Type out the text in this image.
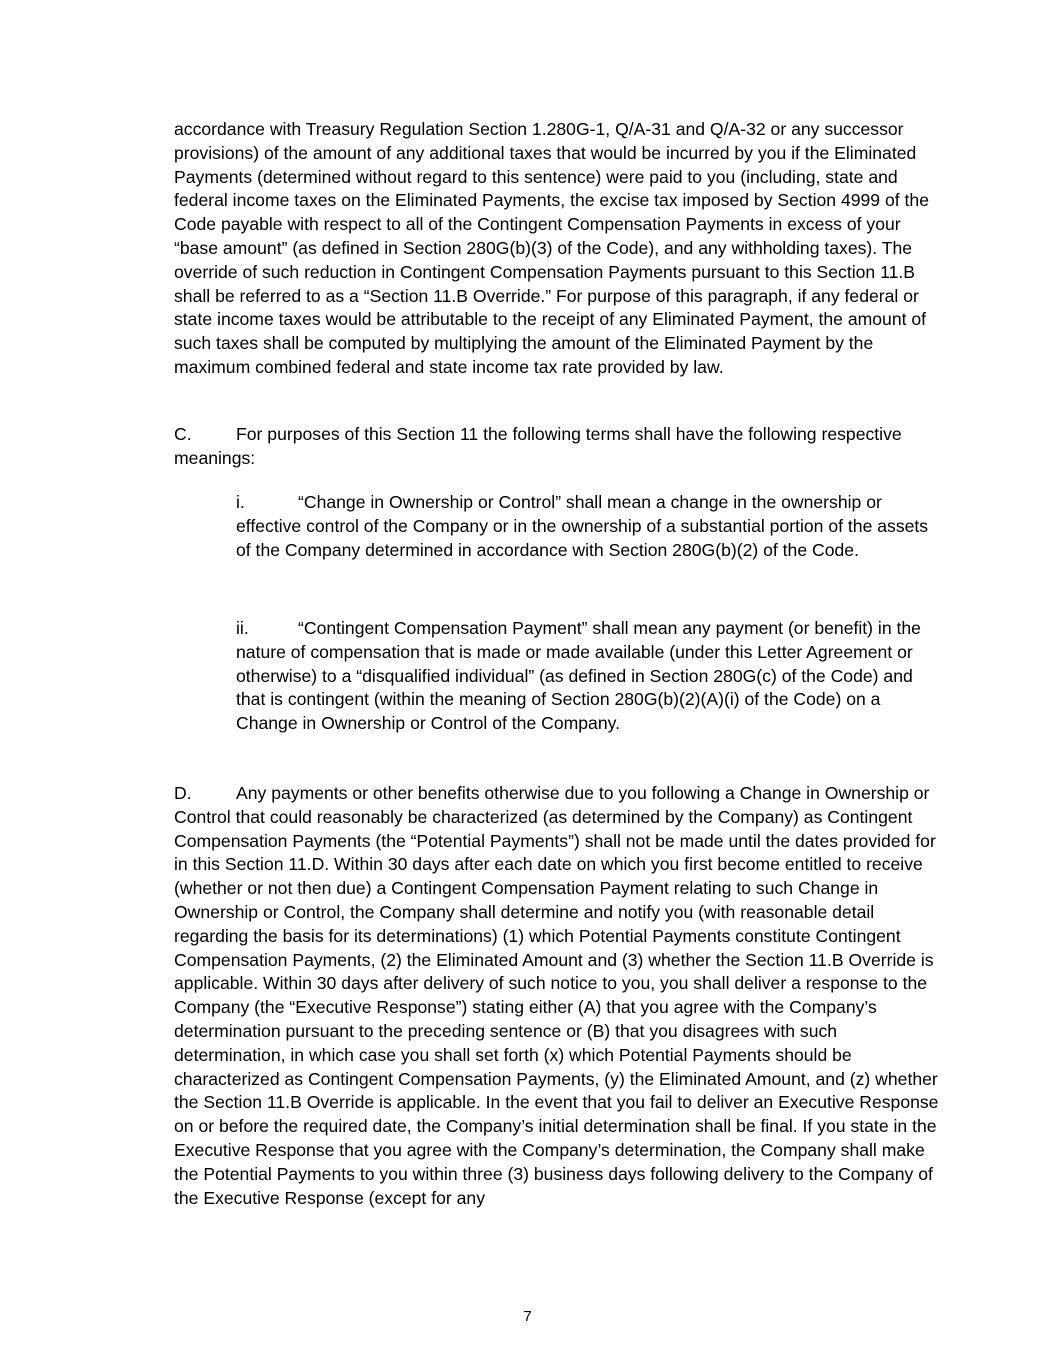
accordance with Treasury Regulation Section 1.280G-1, Q/A-31 and Q/A-32 or any successor provisions) of the amount of any additional taxes that would be incurred by you if the Eliminated Payments (determined without regard to this sentence) were paid to you (including, state and federal income taxes on the Eliminated Payments, the excise tax imposed by Section 4999 of the Code payable with respect to all of the Contingent Compensation Payments in excess of your “base amount” (as defined in Section 280G(b)(3) of the Code), and any withholding taxes). The override of such reduction in Contingent Compensation Payments pursuant to this Section 11.B shall be referred to as a “Section 11.B Override.” For purpose of this paragraph, if any federal or state income taxes would be attributable to the receipt of any Eliminated Payment, the amount of such taxes shall be computed by multiplying the amount of the Eliminated Payment by the maximum combined federal and state income tax rate provided by law.

C.	For purposes of this Section 11 the following terms shall have the following respective meanings:

i.	“Change in Ownership or Control” shall mean a change in the ownership or effective control of the Company or in the ownership of a substantial portion of the assets of the Company determined in accordance with Section 280G(b)(2) of the Code.

ii.	“Contingent Compensation Payment” shall mean any payment (or benefit) in the nature of compensation that is made or made available (under this Letter Agreement or otherwise) to a “disqualified individual” (as defined in Section 280G(c) of the Code) and that is contingent (within the meaning of Section 280G(b)(2)(A)(i) of the Code) on a Change in Ownership or Control of the Company.

D.	Any payments or other benefits otherwise due to you following a Change in Ownership or Control that could reasonably be characterized (as determined by the Company) as Contingent Compensation Payments (the “Potential Payments”) shall not be made until the dates provided for in this Section 11.D. Within 30 days after each date on which you first become entitled to receive (whether or not then due) a Contingent Compensation Payment relating to such Change in Ownership or Control, the Company shall determine and notify you (with reasonable detail regarding the basis for its determinations) (1) which Potential Payments constitute Contingent Compensation Payments, (2) the Eliminated Amount and (3) whether the Section 11.B Override is applicable. Within 30 days after delivery of such notice to you, you shall deliver a response to the Company (the “Executive Response”) stating either (A) that you agree with the Company’s determination pursuant to the preceding sentence or (B) that you disagrees with such determination, in which case you shall set forth (x) which Potential Payments should be characterized as Contingent Compensation Payments, (y) the Eliminated Amount, and (z) whether the Section 11.B Override is applicable. In the event that you fail to deliver an Executive Response on or before the required date, the Company’s initial determination shall be final. If you state in the Executive Response that you agree with the Company’s determination, the Company shall make the Potential Payments to you within three (3) business days following delivery to the Company of the Executive Response (except for any

7
